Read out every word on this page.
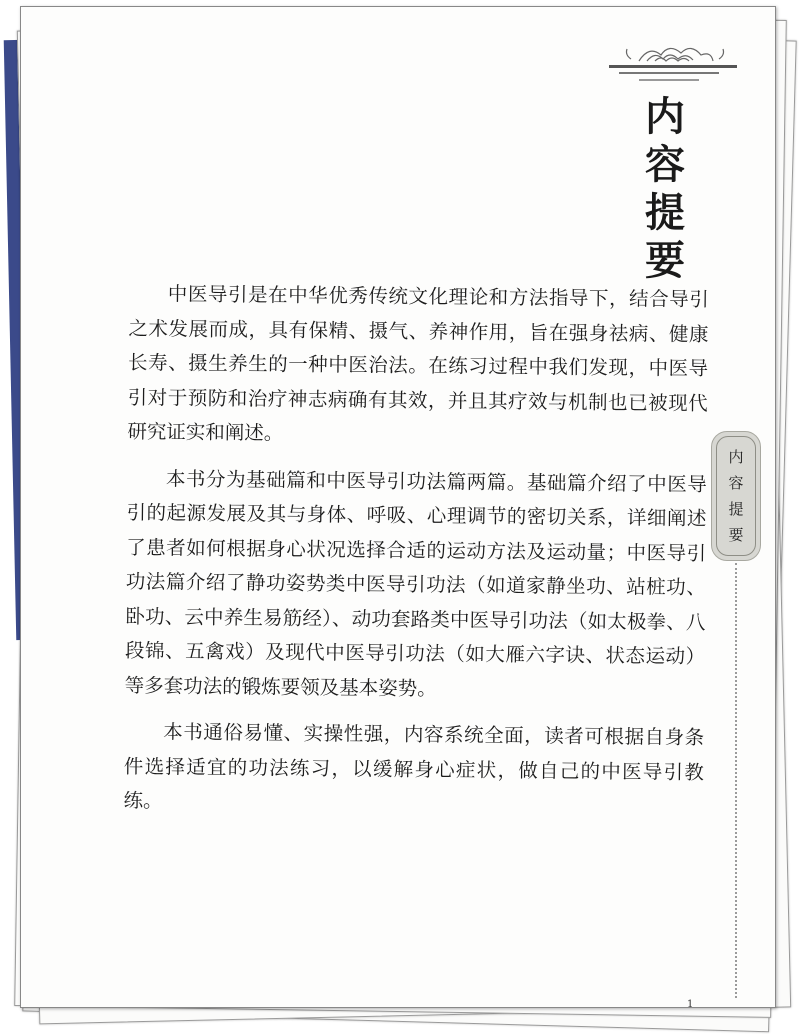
内
容
提
要
内
容
提
要

中医导引是在中华优秀传统文化理论和方法指导下，结合导引之术发展而成，具有保精、摄气、养神作用，旨在强身祛病、健康长寿、摄生养生的一种中医治法。在练习过程中我们发现，中医导引对于预防和治疗神志病确有其效，并且其疗效与机制也已被现代研究证实和阐述。

本书分为基础篇和中医导引功法篇两篇。基础篇介绍了中医导引的起源发展及其与身体、呼吸、心理调节的密切关系，详细阐述了患者如何根据身心状况选择合适的运动方法及运动量；中医导引功法篇介绍了静功姿势类中医导引功法（如道家静坐功、站桩功、卧功、云中养生易筋经）、动功套路类中医导引功法（如太极拳、八段锦、五禽戏）及现代中医导引功法（如大雁六字诀、状态运动）等多套功法的锻炼要领及基本姿势。

本书通俗易懂、实操性强，内容系统全面，读者可根据自身条件选择适宜的功法练习，以缓解身心症状，做自己的中医导引教练。

1
